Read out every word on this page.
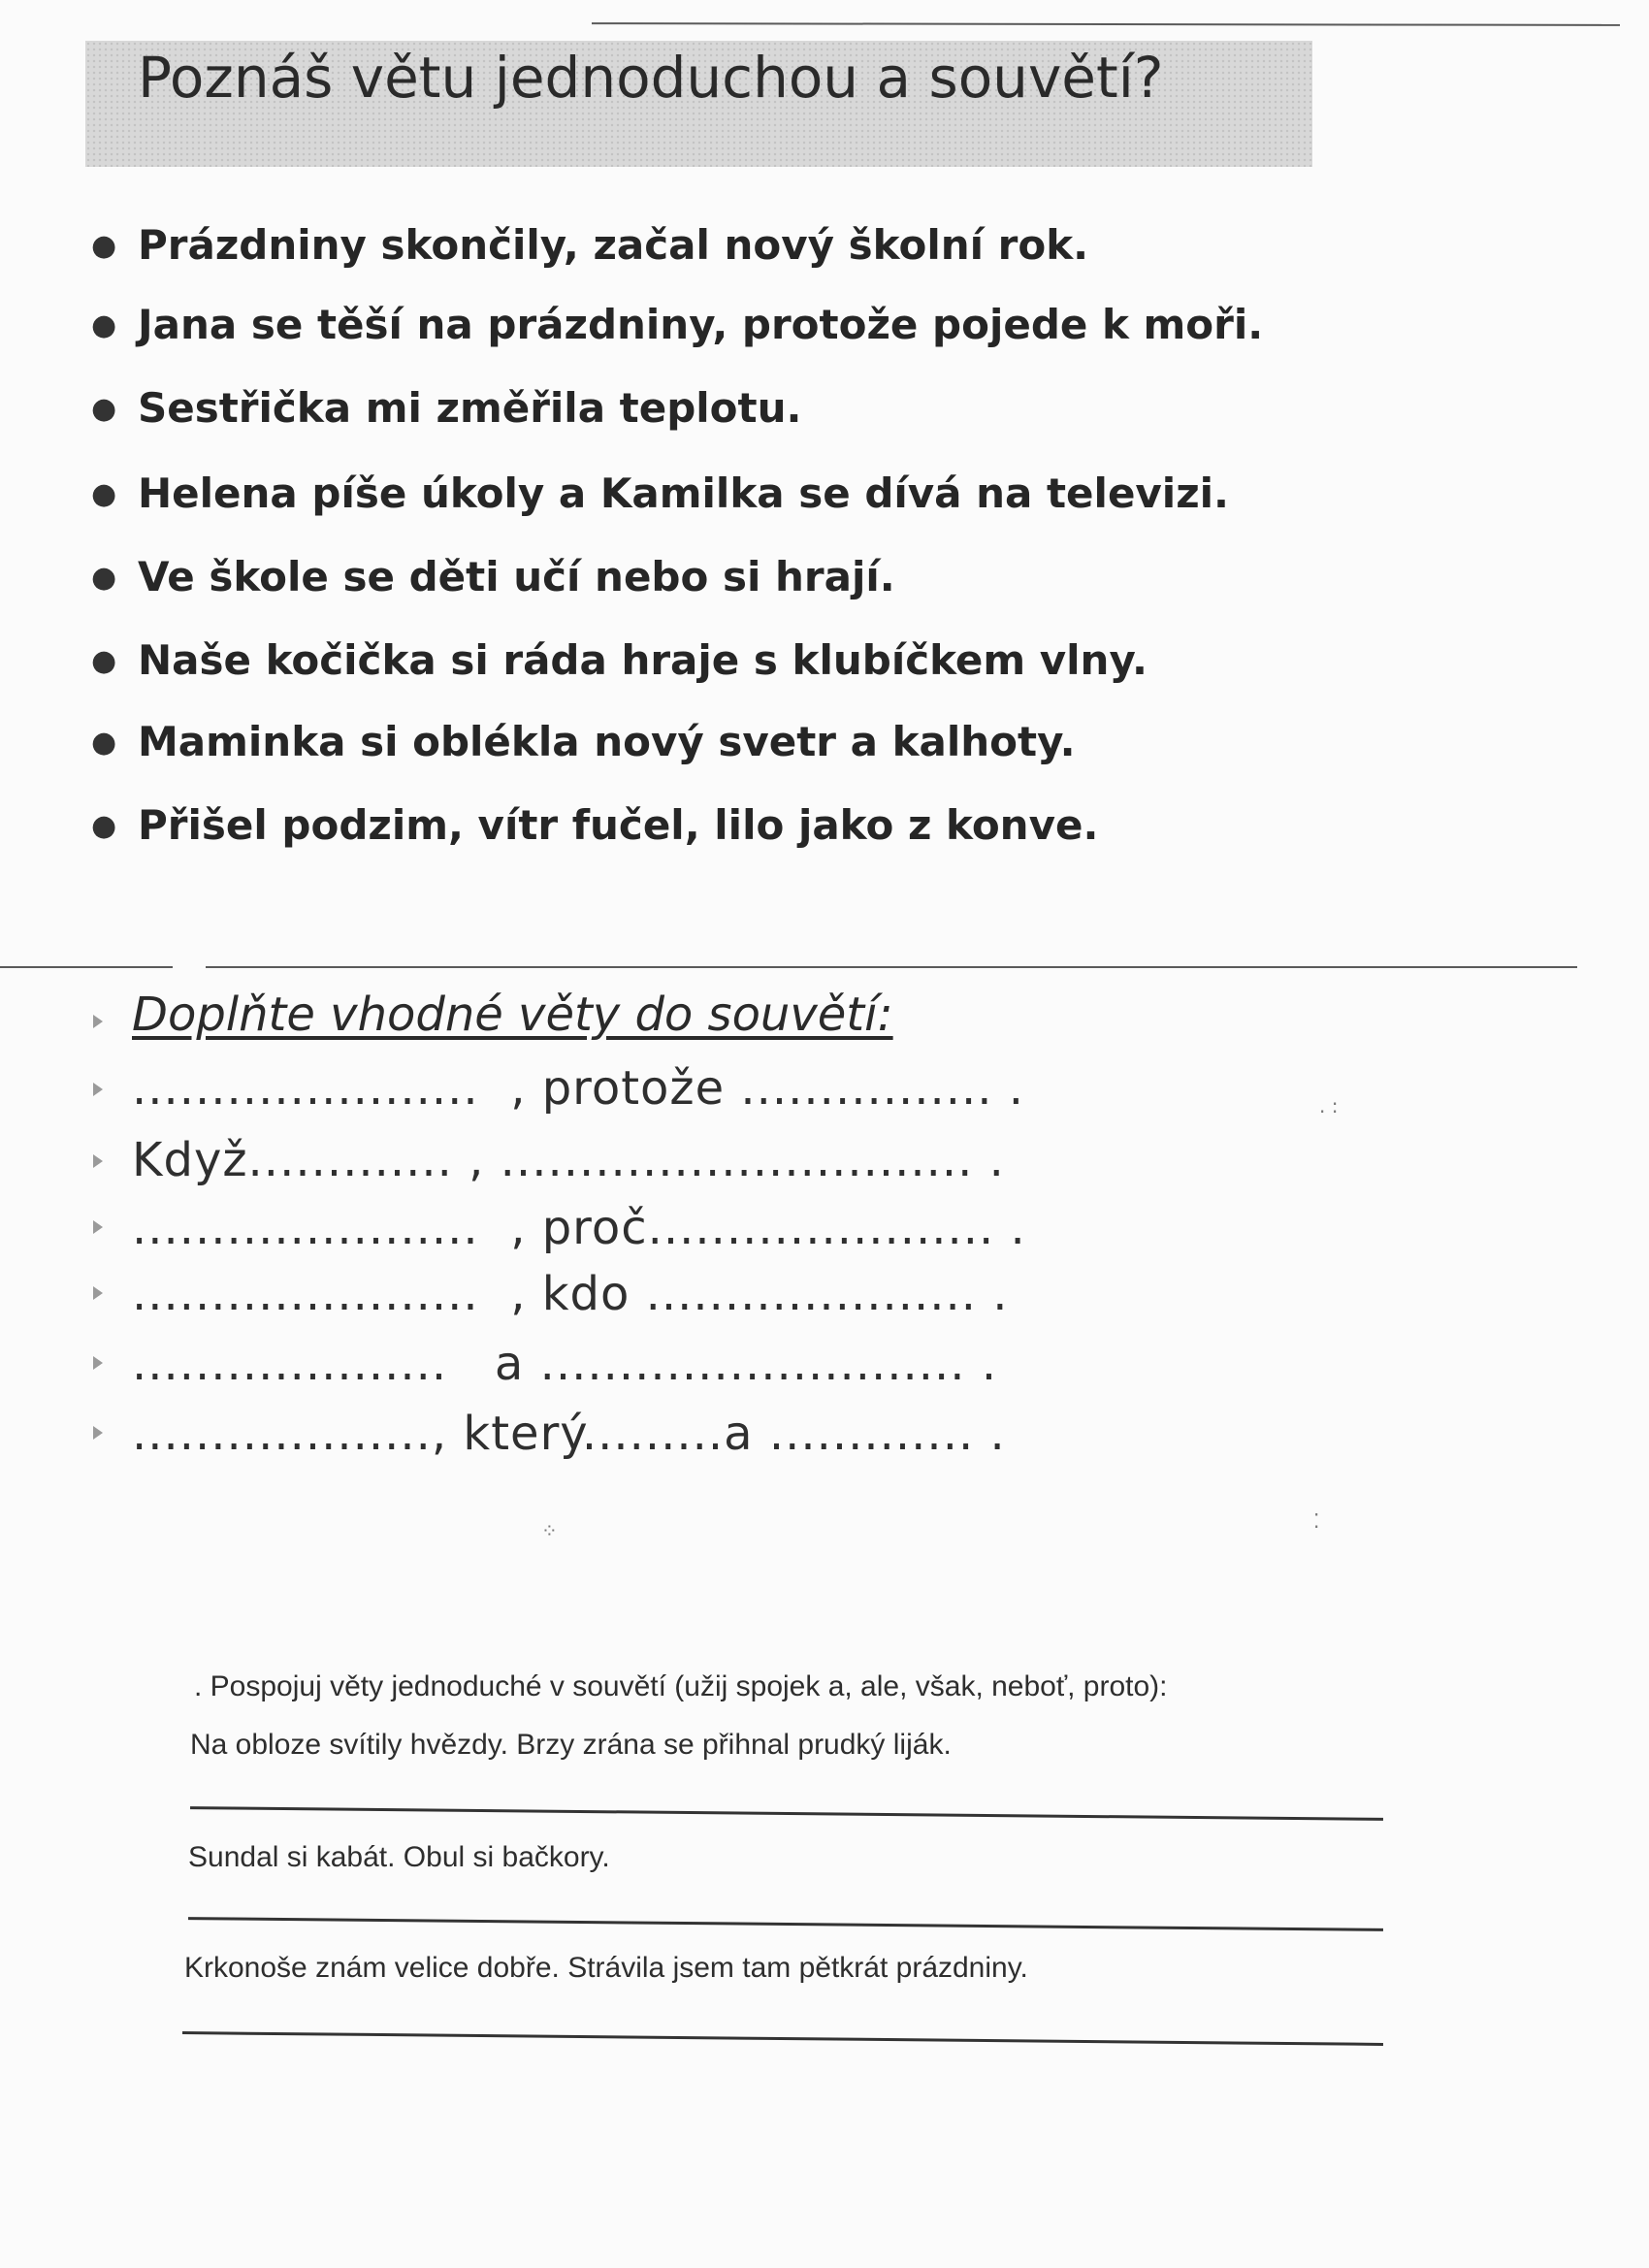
Poznáš větu jednoduchou a souvětí?
● Prázdniny skončily, začal nový školní rok.
● Jana se těší na prázdniny, protože pojede k moři.
● Sestřička mi změřila teplotu.
● Helena píše úkoly a Kamilka se dívá na televizi.
● Ve škole se děti učí nebo si hrají.
● Naše kočička si ráda hraje s klubíčkem vlny.
● Maminka si oblékla nový svetr a kalhoty.
● Přišel podzim, vítr fučel, lilo jako z konve.
Doplňte vhodné věty do souvětí:
......................  , protože ................ .
Když............. , .............................. .
......................  , proč...................... .
......................  , kdo ..................... .
....................   a ........................... .
..................., který.........a ............. .
. :
⁘	⁚
. Pospojuj věty jednoduché v souvětí (užij spojek a, ale, však, neboť, proto):
Na obloze svítily hvězdy. Brzy zrána se přihnal prudký liják.
Sundal si kabát. Obul si bačkory.
Krkonoše znám velice dobře. Strávila jsem tam pětkrát prázdniny.
